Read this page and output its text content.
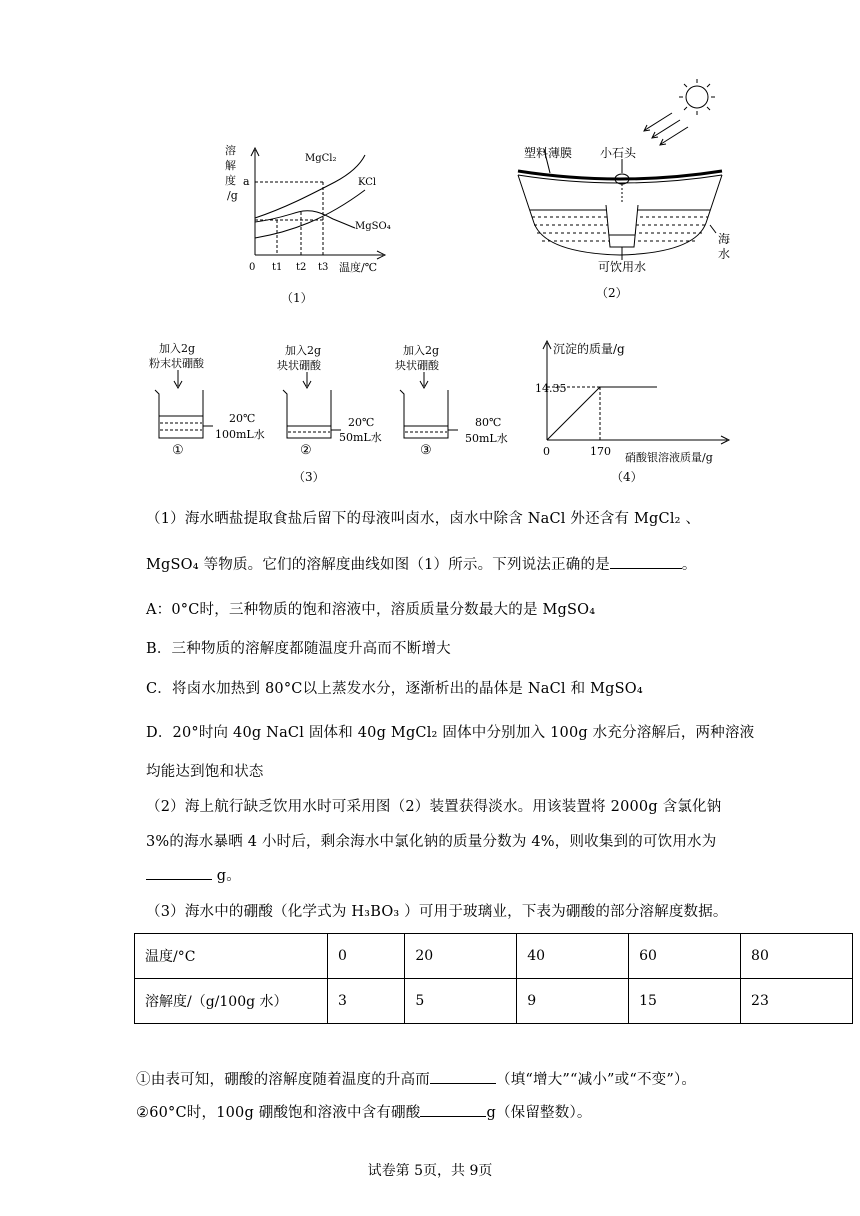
溶
解
度
/g
a
0 t1 t2 t3 温度/℃
MgCl₂
KCl
MgSO₄
（1）
塑料薄膜 小石头
海
水
可饮用水
（2）
加入2g
粉末状硼酸
加入2g
块状硼酸
加入2g
块状硼酸
20℃
100mL水
20℃
50mL水
80℃
50mL水
①	②	③
（3）
沉淀的质量/g
14.35
0	170 硝酸银溶液质量/g
（4）
（1）海水晒盐提取食盐后留下的母液叫卤水，卤水中除含 NaCl 外还含有 MgCl₂ 、
MgSO₄ 等物质。它们的溶解度曲线如图（1）所示。下列说法正确的是	。
A：0°C时，三种物质的饱和溶液中，溶质质量分数最大的是 MgSO₄
B．三种物质的溶解度都随温度升高而不断增大
C．将卤水加热到 80°C以上蒸发水分，逐渐析出的晶体是 NaCl 和 MgSO₄
D．20°时向 40g NaCl 固体和 40g MgCl₂ 固体中分别加入 100g 水充分溶解后，两种溶液
均能达到饱和状态
（2）海上航行缺乏饮用水时可采用图（2）装置获得淡水。用该装置将 2000g 含氯化钠
3%的海水暴晒 4 小时后，剩余海水中氯化钠的质量分数为 4%，则收集到的可饮用水为
g。
（3）海水中的硼酸（化学式为 H₃BO₃ ）可用于玻璃业，下表为硼酸的部分溶解度数据。
温度/°C	0	20	40	60	80
溶解度/（g/100g 水）	3	5	9	15	23
①由表可知，硼酸的溶解度随着温度的升高而	（填“增大”“减小”或“不变”）。
②60°C时，100g 硼酸饱和溶液中含有硼酸	g（保留整数）。
试卷第 5页，共 9页
